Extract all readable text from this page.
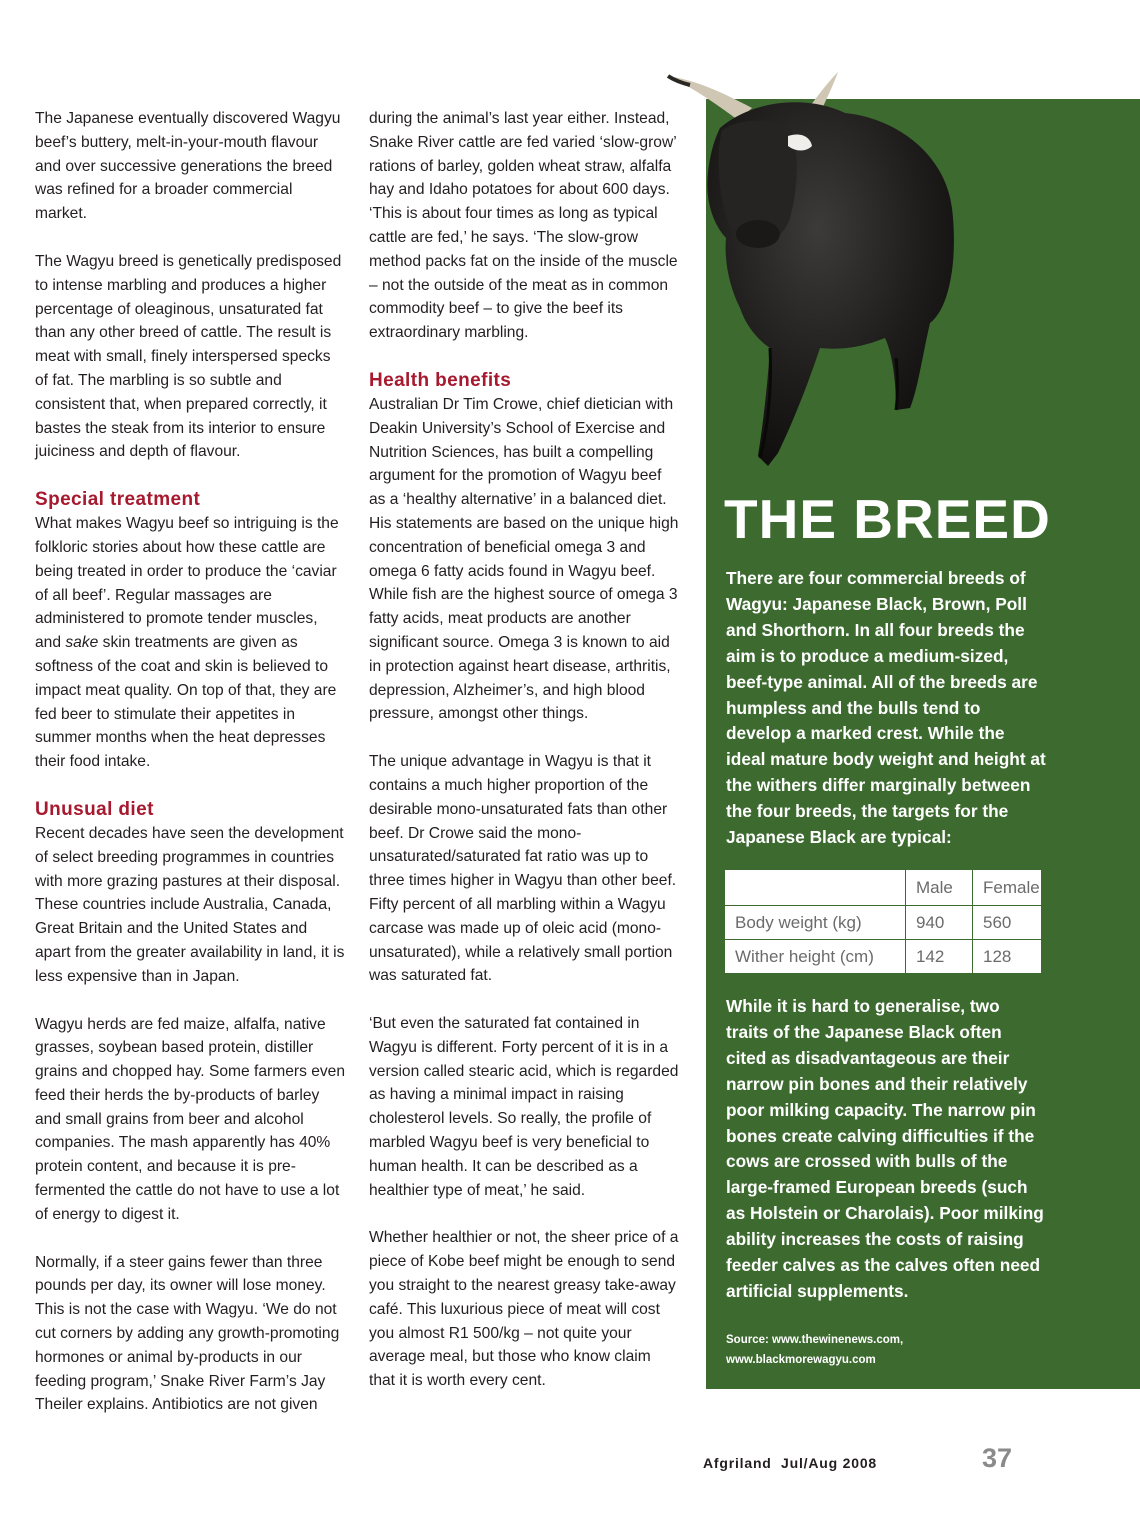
The Japanese eventually discovered Wagyu beef’s buttery, melt-in-your-mouth flavour and over successive generations the breed was refined for a broader commercial market.

The Wagyu breed is genetically predisposed to intense marbling and produces a higher percentage of oleaginous, unsaturated fat than any other breed of cattle. The result is meat with small, finely interspersed specks of fat. The marbling is so subtle and consistent that, when prepared correctly, it bastes the steak from its interior to ensure juiciness and depth of flavour.

Special treatment

What makes Wagyu beef so intriguing is the folkloric stories about how these cattle are being treated in order to produce the ‘caviar of all beef’. Regular massages are administered to promote tender muscles, and sake skin treatments are given as softness of the coat and skin is believed to impact meat quality. On top of that, they are fed beer to stimulate their appetites in summer months when the heat depresses their food intake.

Unusual diet

Recent decades have seen the development of select breeding programmes in countries with more grazing pastures at their disposal. These countries include Australia, Canada, Great Britain and the United States and apart from the greater availability in land, it is less expensive than in Japan.

Wagyu herds are fed maize, alfalfa, native grasses, soybean based protein, distiller grains and chopped hay. Some farmers even feed their herds the by-products of barley and small grains from beer and alcohol companies. The mash apparently has 40% protein content, and because it is pre-fermented the cattle do not have to use a lot of energy to digest it.

Normally, if a steer gains fewer than three pounds per day, its owner will lose money. This is not the case with Wagyu. ‘We do not cut corners by adding any growth-promoting hormones or animal by-products in our feeding program,’ Snake River Farm’s Jay Theiler explains. Antibiotics are not given

during the animal’s last year either. Instead, Snake River cattle are fed varied ‘slow-grow’ rations of barley, golden wheat straw, alfalfa hay and Idaho potatoes for about 600 days. ‘This is about four times as long as typical cattle are fed,’ he says. ‘The slow-grow method packs fat on the inside of the muscle – not the outside of the meat as in common commodity beef – to give the beef its extraordinary marbling.

Health benefits

Australian Dr Tim Crowe, chief dietician with Deakin University’s School of Exercise and Nutrition Sciences, has built a compelling argument for the promotion of Wagyu beef as a ‘healthy alternative’ in a balanced diet. His statements are based on the unique high concentration of beneficial omega 3 and omega 6 fatty acids found in Wagyu beef. While fish are the highest source of omega 3 fatty acids, meat products are another significant source. Omega 3 is known to aid in protection against heart disease, arthritis, depression, Alzheimer’s, and high blood pressure, amongst other things.

The unique advantage in Wagyu is that it contains a much higher proportion of the desirable mono-unsaturated fats than other beef. Dr Crowe said the mono-unsaturated/saturated fat ratio was up to three times higher in Wagyu than other beef. Fifty percent of all marbling within a Wagyu carcase was made up of oleic acid (mono-unsaturated), while a relatively small portion was saturated fat.

‘But even the saturated fat contained in Wagyu is different. Forty percent of it is in a version called stearic acid, which is regarded as having a minimal impact in raising cholesterol levels. So really, the profile of marbled Wagyu beef is very beneficial to human health. It can be described as a healthier type of meat,’ he said.

Whether healthier or not, the sheer price of a piece of Kobe beef might be enough to send you straight to the nearest greasy take-away café. This luxurious piece of meat will cost you almost R1 500/kg – not quite your average meal, but those who know claim that it is worth every cent.

THE BREED

There are four commercial breeds of Wagyu: Japanese Black, Brown, Poll and Shorthorn. In all four breeds the aim is to produce a medium-sized, beef-type animal. All of the breeds are humpless and the bulls tend to develop a marked crest. While the ideal mature body weight and height at the withers differ marginally between the four breeds, the targets for the Japanese Black are typical:

	Male	Female
Body weight (kg)	940	560
Wither height (cm)	142	128

While it is hard to generalise, two traits of the Japanese Black often cited as disadvantageous are their narrow pin bones and their relatively poor milking capacity. The narrow pin bones create calving difficulties if the cows are crossed with bulls of the large-framed European breeds (such as Holstein or Charolais). Poor milking ability increases the costs of raising feeder calves as the calves often need artificial supplements.

Source: www.thewinenews.com,
www.blackmorewagyu.com

Afgriland  Jul/Aug 2008	37
